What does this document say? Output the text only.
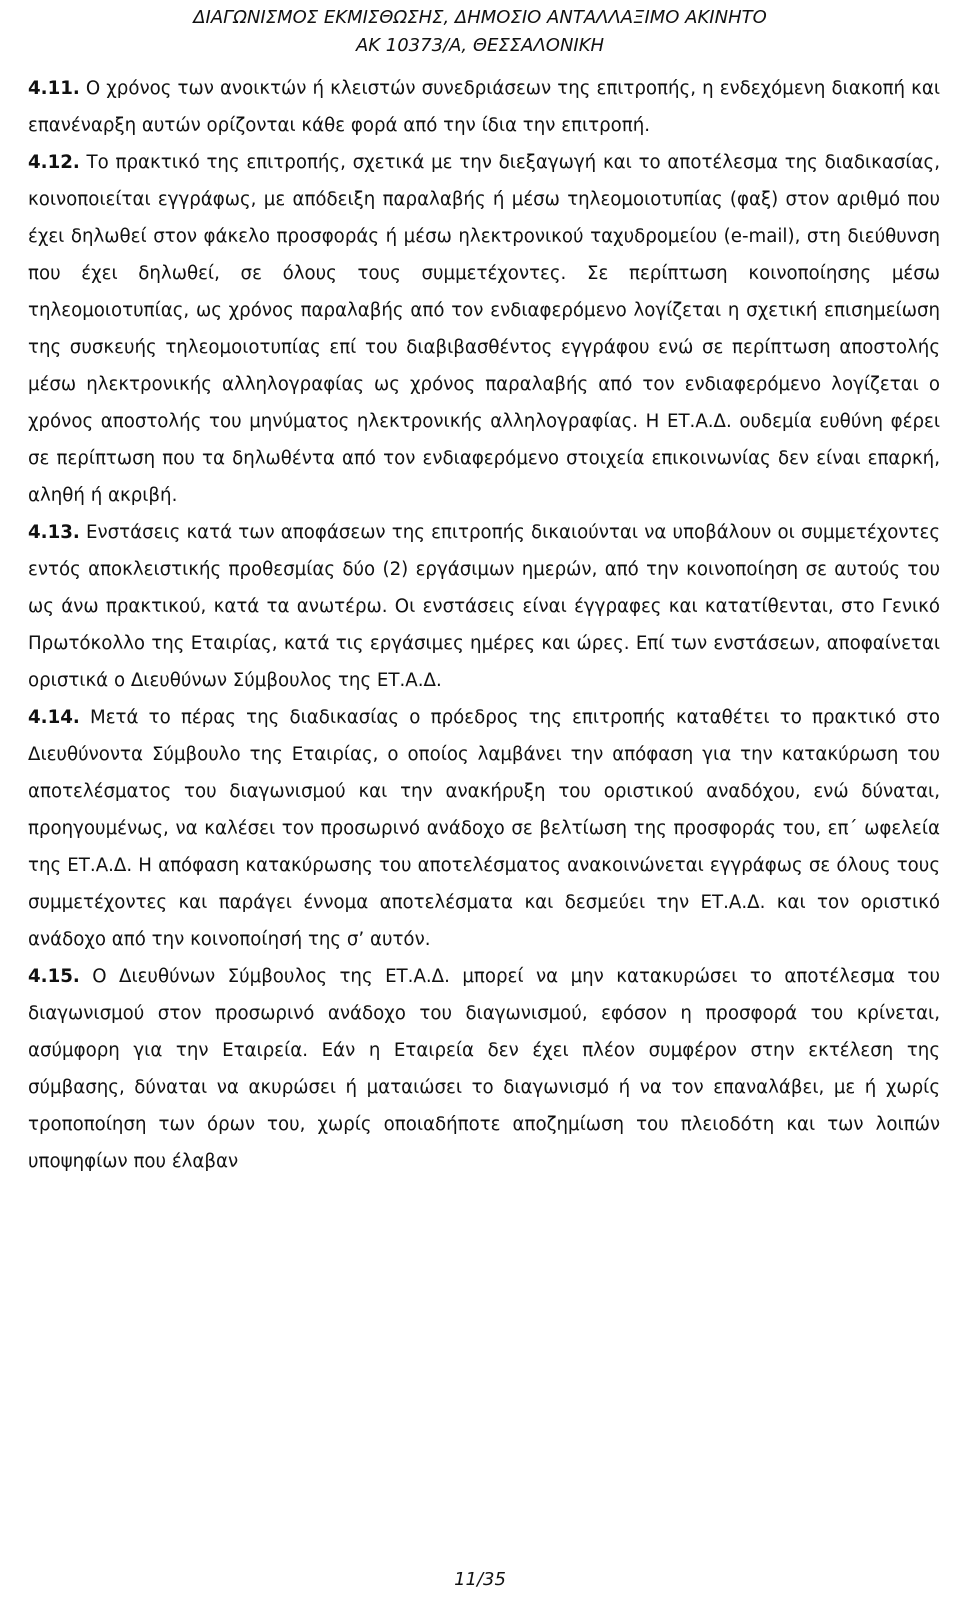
ΔΙΑΓΩΝΙΣΜΟΣ ΕΚΜΙΣΘΩΣΗΣ, ΔΗΜΟΣΙΟ ΑΝΤΑΛΛΑΞΙΜΟ ΑΚΙΝΗΤΟ
ΑΚ 10373/Α, ΘΕΣΣΑΛΟΝΙΚΗ

4.11. Ο χρόνος των ανοικτών ή κλειστών συνεδριάσεων της επιτροπής, η ενδεχόμενη διακοπή και επανέναρξη αυτών ορίζονται κάθε φορά από την ίδια την επιτροπή.

4.12. Το πρακτικό της επιτροπής, σχετικά με την διεξαγωγή και το αποτέλεσμα της διαδικασίας, κοινοποιείται εγγράφως, με απόδειξη παραλαβής ή μέσω τηλεομοιοτυπίας (φαξ) στον αριθμό που έχει δηλωθεί στον φάκελο προσφοράς ή μέσω ηλεκτρονικού ταχυδρομείου (e-mail), στη διεύθυνση που έχει δηλωθεί, σε όλους τους συμμετέχοντες. Σε περίπτωση κοινοποίησης μέσω τηλεομοιοτυπίας, ως χρόνος παραλαβής από τον ενδιαφερόμενο λογίζεται η σχετική επισημείωση της συσκευής τηλεομοιοτυπίας επί του διαβιβασθέντος εγγράφου ενώ σε περίπτωση αποστολής μέσω ηλεκτρονικής αλληλογραφίας ως χρόνος παραλαβής από τον ενδιαφερόμενο λογίζεται ο χρόνος αποστολής του μηνύματος ηλεκτρονικής αλληλογραφίας. Η ΕΤ.Α.Δ. ουδεμία ευθύνη φέρει σε περίπτωση που τα δηλωθέντα από τον ενδιαφερόμενο στοιχεία επικοινωνίας δεν είναι επαρκή, αληθή ή ακριβή.

4.13. Ενστάσεις κατά των αποφάσεων της επιτροπής δικαιούνται να υποβάλουν οι συμμετέχοντες εντός αποκλειστικής προθεσμίας δύο (2) εργάσιμων ημερών, από την κοινοποίηση σε αυτούς του ως άνω πρακτικού, κατά τα ανωτέρω. Οι ενστάσεις είναι έγγραφες και κατατίθενται, στο Γενικό Πρωτόκολλο της Εταιρίας, κατά τις εργάσιμες ημέρες και ώρες. Επί των ενστάσεων, αποφαίνεται οριστικά ο Διευθύνων Σύμβουλος της ΕΤ.Α.Δ.

4.14. Μετά το πέρας της διαδικασίας ο πρόεδρος της επιτροπής καταθέτει το πρακτικό στο Διευθύνοντα Σύμβουλο της Εταιρίας, ο οποίος λαμβάνει την απόφαση για την κατακύρωση του αποτελέσματος του διαγωνισμού και την ανακήρυξη του οριστικού αναδόχου, ενώ δύναται, προηγουμένως, να καλέσει τον προσωρινό ανάδοχο σε βελτίωση της προσφοράς του, επ΄ ωφελεία της ΕΤ.Α.Δ. Η απόφαση κατακύρωσης του αποτελέσματος ανακοινώνεται εγγράφως σε όλους τους συμμετέχοντες και παράγει έννομα αποτελέσματα και δεσμεύει την ΕΤ.Α.Δ. και τον οριστικό ανάδοχο από την κοινοποίησή της σ’ αυτόν.

4.15. Ο Διευθύνων Σύμβουλος της ΕΤ.Α.Δ. μπορεί να μην κατακυρώσει το αποτέλεσμα του διαγωνισμού στον προσωρινό ανάδοχο του διαγωνισμού, εφόσον η προσφορά του κρίνεται, ασύμφορη για την Εταιρεία. Εάν η Εταιρεία δεν έχει πλέον συμφέρον στην εκτέλεση της σύμβασης, δύναται να ακυρώσει ή ματαιώσει το διαγωνισμό ή να τον επαναλάβει, με ή χωρίς τροποποίηση των όρων του, χωρίς οποιαδήποτε αποζημίωση του πλειοδότη και των λοιπών υποψηφίων που έλαβαν

11/35
